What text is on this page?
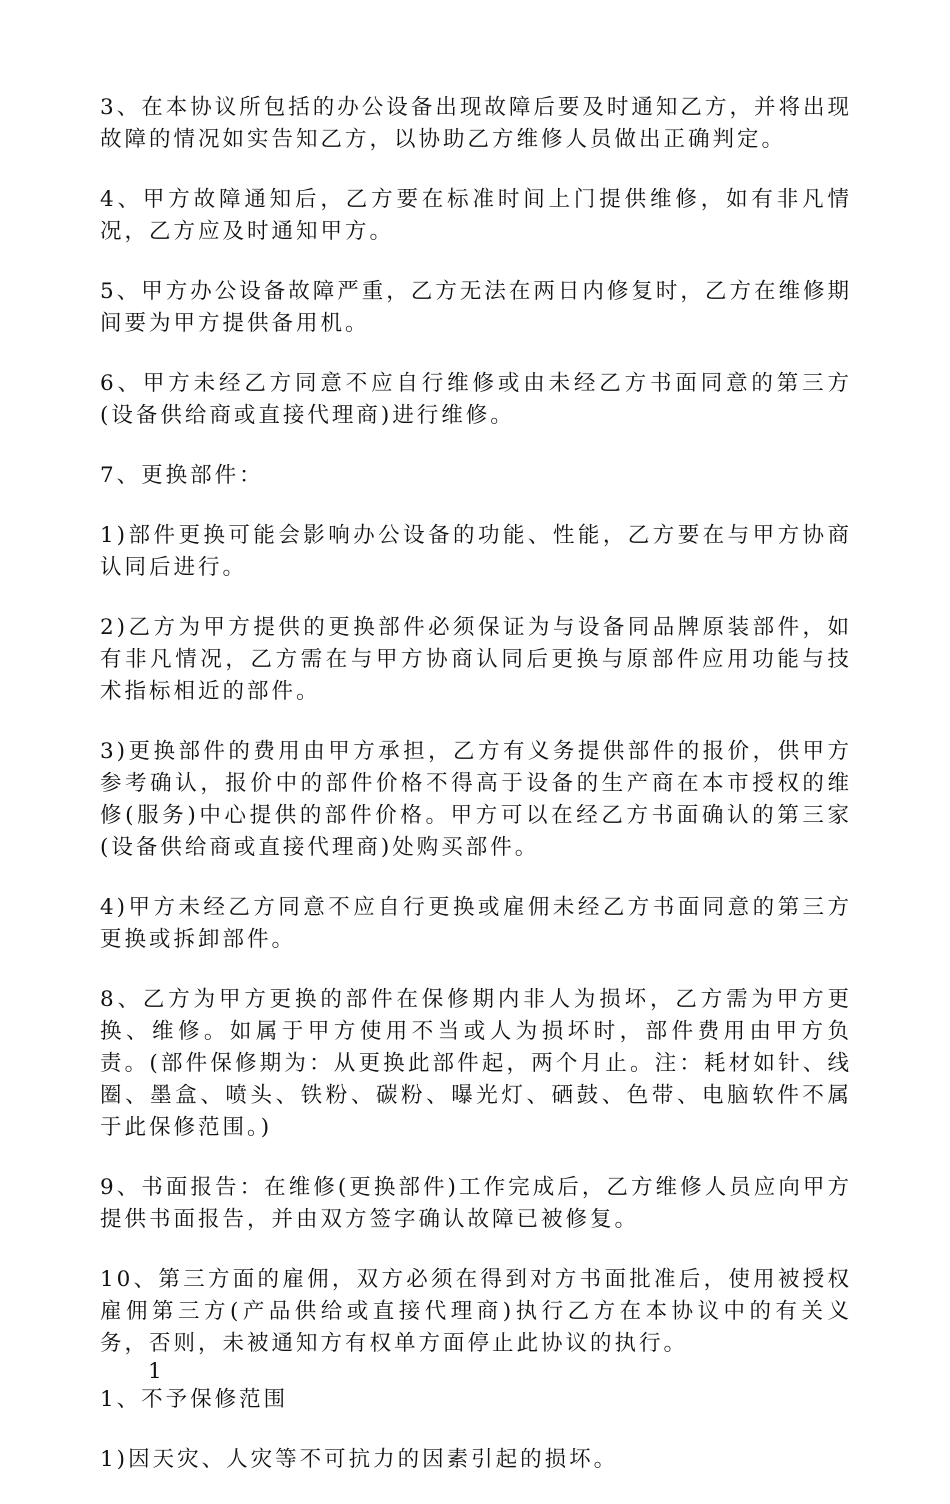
3、在本协议所包括的办公设备出现故障后要及时通知乙方，并将出现故障的情况如实告知乙方，以协助乙方维修人员做出正确判定。

4、甲方故障通知后，乙方要在标准时间上门提供维修，如有非凡情况，乙方应及时通知甲方。

5、甲方办公设备故障严重，乙方无法在两日内修复时，乙方在维修期间要为甲方提供备用机。

6、甲方未经乙方同意不应自行维修或由未经乙方书面同意的第三方(设备供给商或直接代理商)进行维修。

7、更换部件：

1)部件更换可能会影响办公设备的功能、性能，乙方要在与甲方协商认同后进行。

2)乙方为甲方提供的更换部件必须保证为与设备同品牌原装部件，如有非凡情况，乙方需在与甲方协商认同后更换与原部件应用功能与技术指标相近的部件。

3)更换部件的费用由甲方承担，乙方有义务提供部件的报价，供甲方参考确认，报价中的部件价格不得高于设备的生产商在本市授权的维修(服务)中心提供的部件价格。甲方可以在经乙方书面确认的第三家(设备供给商或直接代理商)处购买部件。

4)甲方未经乙方同意不应自行更换或雇佣未经乙方书面同意的第三方更换或拆卸部件。

8、乙方为甲方更换的部件在保修期内非人为损坏，乙方需为甲方更换、维修。如属于甲方使用不当或人为损坏时，部件费用由甲方负责。(部件保修期为：从更换此部件起，两个月止。注：耗材如针、线圈、墨盒、喷头、铁粉、碳粉、曝光灯、硒鼓、色带、电脑软件不属于此保修范围。)

9、书面报告：在维修(更换部件)工作完成后，乙方维修人员应向甲方提供书面报告，并由双方签字确认故障已被修复。

10、第三方面的雇佣，双方必须在得到对方书面批准后，使用被授权雇佣第三方(产品供给或直接代理商)执行乙方在本协议中的有关义务，否则，未被通知方有权单方面停止此协议的执行。

1

1、不予保修范围

1)因天灾、人灾等不可抗力的因素引起的损坏。
